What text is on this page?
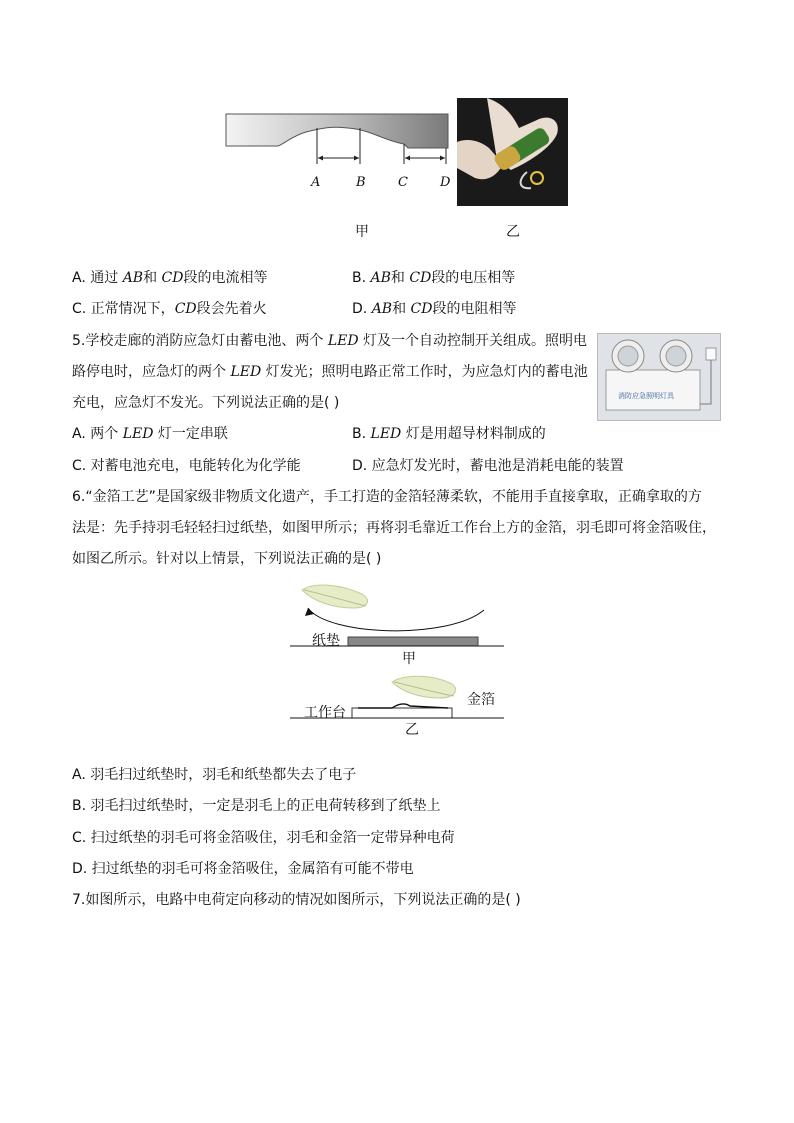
A	B C D
甲	乙
A. 通过 AB和 CD段的电流相等	B. AB和 CD段的电压相等
C. 正常情况下，CD段会先着火	D. AB和 CD段的电阻相等
5.学校走廊的消防应急灯由蓄电池、两个 LED 灯及一个自动控制开关组成。照明电
路停电时，应急灯的两个 LED 灯发光；照明电路正常工作时，为应急灯内的蓄电池
充电，应急灯不发光。下列说法正确的是( )	消防应急照明灯具
A. 两个 LED 灯一定串联	B. LED 灯是用超导材料制成的
C. 对蓄电池充电，电能转化为化学能	D. 应急灯发光时，蓄电池是消耗电能的装置
6.“金箔工艺”是国家级非物质文化遗产，手工打造的金箔轻薄柔软，不能用手直接拿取，正确拿取的方
法是：先手持羽毛轻轻扫过纸垫，如图甲所示；再将羽毛靠近工作台上方的金箔，羽毛即可将金箔吸住，
如图乙所示。针对以上情景，下列说法正确的是( )
纸垫
甲
工作台
金箔
乙
A. 羽毛扫过纸垫时，羽毛和纸垫都失去了电子
B. 羽毛扫过纸垫时，一定是羽毛上的正电荷转移到了纸垫上
C. 扫过纸垫的羽毛可将金箔吸住，羽毛和金箔一定带异种电荷
D. 扫过纸垫的羽毛可将金箔吸住，金属箔有可能不带电
7.如图所示，电路中电荷定向移动的情况如图所示，下列说法正确的是( )
